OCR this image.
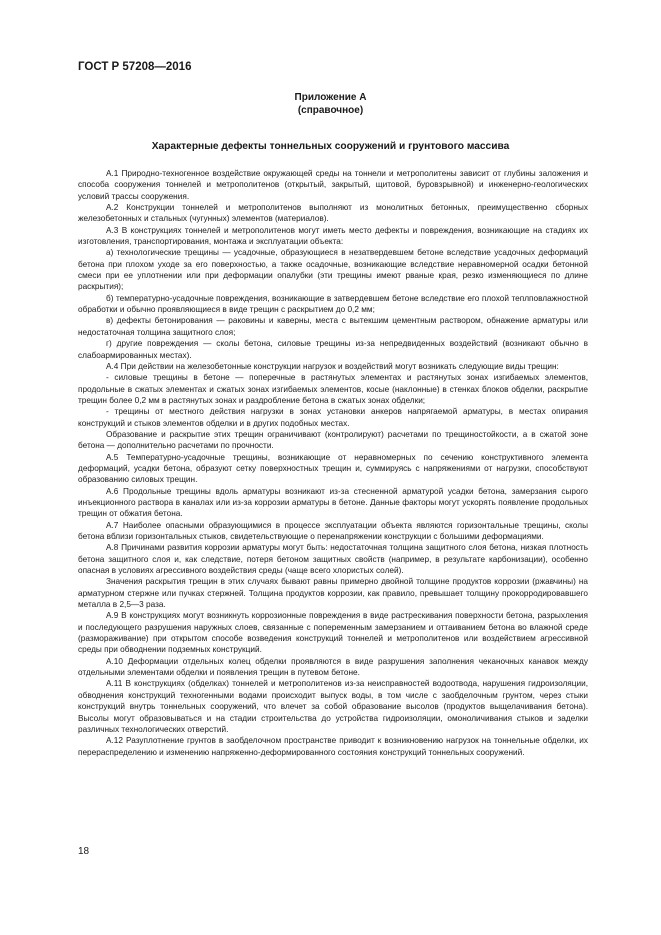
ГОСТ Р 57208—2016
Приложение А
(справочное)
Характерные дефекты тоннельных сооружений и грунтового массива

А.1 Природно-техногенное воздействие окружающей среды на тоннели и метрополитены зависит от глубины заложения и способа сооружения тоннелей и метрополитенов (открытый, закрытый, щитовой, буровзрывной) и инженерно-геологических условий трассы сооружения.

А.2 Конструкции тоннелей и метрополитенов выполняют из монолитных бетонных, преимущественно сборных железобетонных и стальных (чугунных) элементов (материалов).

А.3 В конструкциях тоннелей и метрополитенов могут иметь место дефекты и повреждения, возникающие на стадиях их изготовления, транспортирования, монтажа и эксплуатации объекта:

а) технологические трещины — усадочные, образующиеся в незатвердевшем бетоне вследствие усадочных деформаций бетона при плохом уходе за его поверхностью, а также осадочные, возникающие вследствие неравномерной осадки бетонной смеси при ее уплотнении или при деформации опалубки (эти трещины имеют рваные края, резко изменяющиеся по длине раскрытия);

б) температурно-усадочные повреждения, возникающие в затвердевшем бетоне вследствие его плохой теплповлажностной обработки и обычно проявляющиеся в виде трещин с раскрытием до 0,2 мм;

в) дефекты бетонирования — раковины и каверны, места с вытекшим цементным раствором, обнажение арматуры или недостаточная толщина защитного слоя;

г) другие повреждения — сколы бетона, силовые трещины из-за непредвиденных воздействий (возникают обычно в слабоармированных местах).

А.4 При действии на железобетонные конструкции нагрузок и воздействий могут возникать следующие виды трещин:

- силовые трещины в бетоне — поперечные в растянутых элементах и растянутых зонах изгибаемых элементов, продольные в сжатых элементах и сжатых зонах изгибаемых элементов, косые (наклонные) в стенках блоков обделки, раскрытие трещин более 0,2 мм в растянутых зонах и раздробление бетона в сжатых зонах обделки;

- трещины от местного действия нагрузки в зонах установки анкеров напрягаемой арматуры, в местах опирания конструкций и стыков элементов обделки и в других подобных местах.

Образование и раскрытие этих трещин ограничивают (контролируют) расчетами по трещиностойкости, а в сжатой зоне бетона — дополнительно расчетами по прочности.

А.5 Температурно-усадочные трещины, возникающие от неравномерных по сечению конструктивного элемента деформаций, усадки бетона, образуют сетку поверхностных трещин и, суммируясь с напряжениями от нагрузки, способствуют образованию силовых трещин.

А.6 Продольные трещины вдоль арматуры возникают из-за стесненной арматурой усадки бетона, замерзания сырого инъекционного раствора в каналах или из-за коррозии арматуры в бетоне. Данные факторы могут ускорять появление продольных трещин от обжатия бетона.

А.7 Наиболее опасными образующимися в процессе эксплуатации объекта являются горизонтальные трещины, сколы бетона вблизи горизонтальных стыков, свидетельствующие о перенапряжении конструкции с большими деформациями.

А.8 Причинами развития коррозии арматуры могут быть: недостаточная толщина защитного слоя бетона, низкая плотность бетона защитного слоя и, как следствие, потеря бетоном защитных свойств (например, в результате карбонизации), особенно опасная в условиях агрессивного воздействия среды (чаще всего хлористых солей).

Значения раскрытия трещин в этих случаях бывают равны примерно двойной толщине продуктов коррозии (ржавчины) на арматурном стержне или пучках стержней. Толщина продуктов коррозии, как правило, превышает толщину прокорродировавшего металла в 2,5—3 раза.

А.9 В конструкциях могут возникнуть коррозионные повреждения в виде растрескивания поверхности бетона, разрыхления и последующего разрушения наружных слоев, связанные с попеременным замерзанием и оттаиванием бетона во влажной среде (размораживание) при открытом способе возведения конструкций тоннелей и метрополитенов или воздействием агрессивной среды при обводнении подземных конструкций.

А.10 Деформации отдельных колец обделки проявляются в виде разрушения заполнения чеканочных канавок между отдельными элементами обделки и появления трещин в путевом бетоне.

А.11 В конструкциях (обделках) тоннелей и метрополитенов из-за неисправностей водоотвода, нарушения гидроизоляции, обводнения конструкций техногенными водами происходит выпуск воды, в том числе с заобделочным грунтом, через стыки конструкций внутрь тоннельных сооружений, что влечет за собой образование высолов (продуктов выщелачивания бетона). Высолы могут образовываться и на стадии строительства до устройства гидроизоляции, омоноличивания стыков и заделки различных технологических отверстий.

А.12 Разуплотнение грунтов в заобделочном пространстве приводит к возникновению нагрузок на тоннельные обделки, их перераспределению и изменению напряженно-деформированного состояния конструкций тоннельных сооружений.

18
